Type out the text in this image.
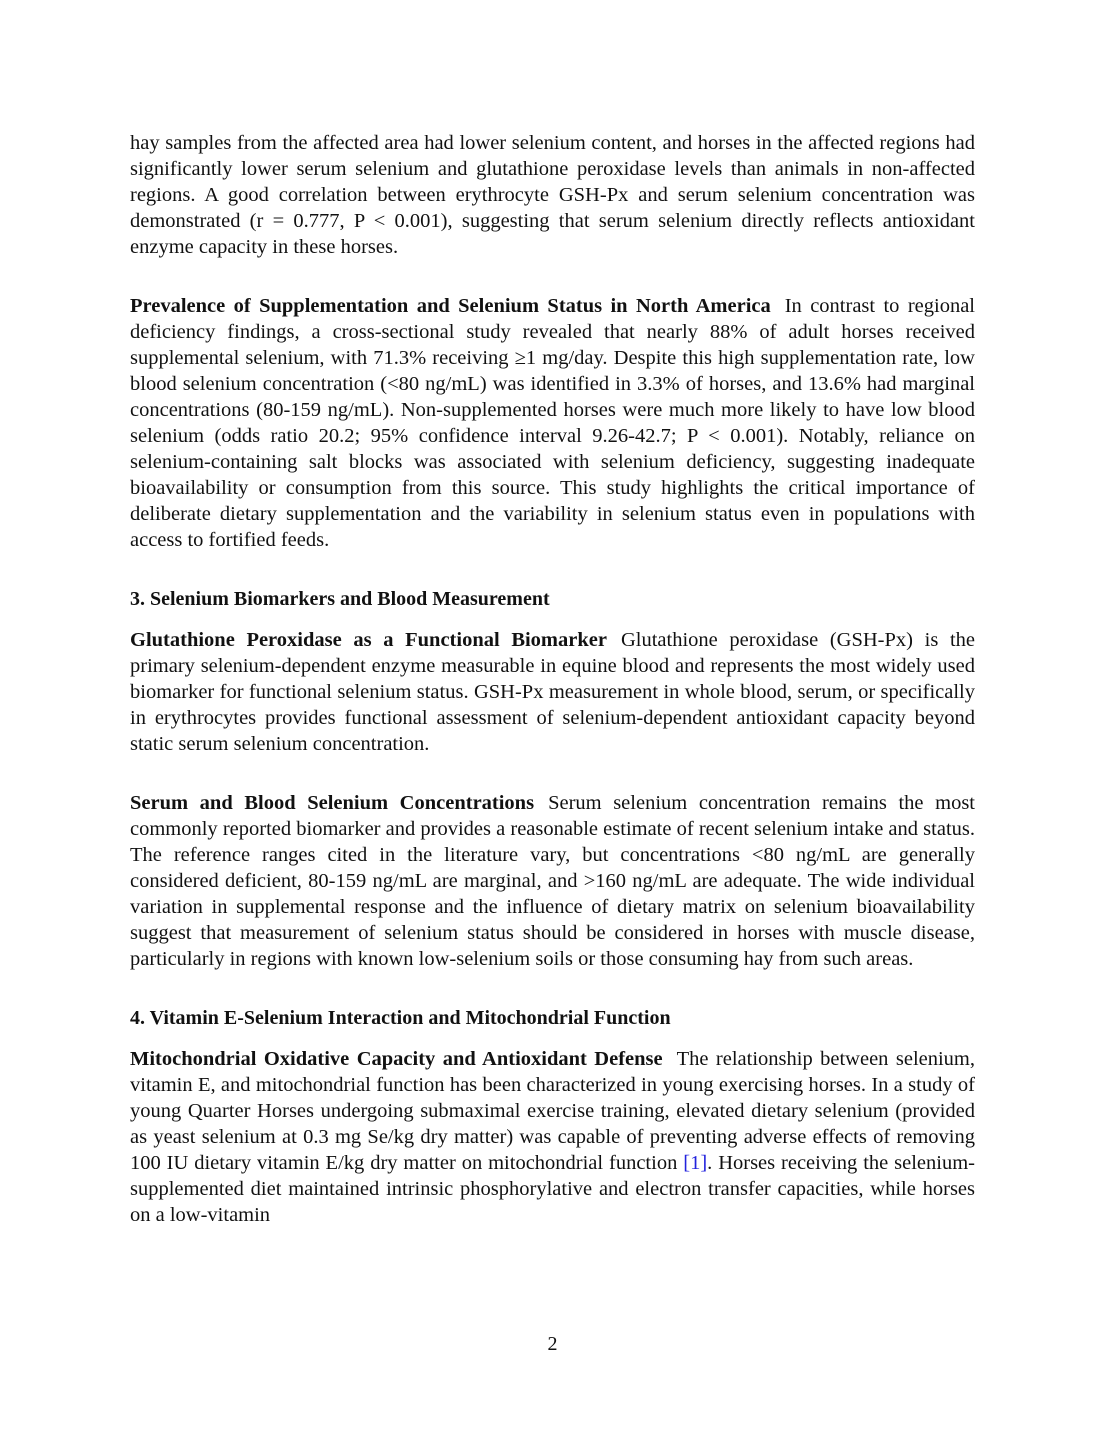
hay samples from the affected area had lower selenium content, and horses in the affected regions had significantly lower serum selenium and glutathione peroxidase levels than animals in non-affected regions. A good correlation between erythrocyte GSH-Px and serum selenium concentration was demonstrated (r = 0.777, P < 0.001), suggesting that serum selenium directly reflects antioxidant enzyme capacity in these horses.

Prevalence of Supplementation and Selenium Status in North America In contrast to regional deficiency findings, a cross-sectional study revealed that nearly 88% of adult horses received supplemental selenium, with 71.3% receiving ≥1 mg/day. Despite this high supplementation rate, low blood selenium concentration (<80 ng/mL) was identified in 3.3% of horses, and 13.6% had marginal concentrations (80-159 ng/mL). Non-supplemented horses were much more likely to have low blood selenium (odds ratio 20.2; 95% confidence interval 9.26-42.7; P < 0.001). Notably, reliance on selenium-containing salt blocks was associated with selenium deficiency, suggesting inadequate bioavailability or consumption from this source. This study highlights the critical importance of deliberate dietary supplementation and the variability in selenium status even in populations with access to fortified feeds.

3. Selenium Biomarkers and Blood Measurement

Glutathione Peroxidase as a Functional Biomarker Glutathione peroxidase (GSH-Px) is the primary selenium-dependent enzyme measurable in equine blood and represents the most widely used biomarker for functional selenium status. GSH-Px measurement in whole blood, serum, or specifically in erythrocytes provides functional assessment of selenium-dependent antioxidant capacity beyond static serum selenium concentration.

Serum and Blood Selenium Concentrations Serum selenium concentration remains the most commonly reported biomarker and provides a reasonable estimate of recent selenium intake and status. The reference ranges cited in the literature vary, but concentrations <80 ng/mL are generally considered deficient, 80-159 ng/mL are marginal, and >160 ng/mL are adequate. The wide individual variation in supplemental response and the influence of dietary matrix on selenium bioavailability suggest that measurement of selenium status should be considered in horses with muscle disease, particularly in regions with known low-selenium soils or those consuming hay from such areas.

4. Vitamin E-Selenium Interaction and Mitochondrial Function

Mitochondrial Oxidative Capacity and Antioxidant Defense The relationship between selenium, vitamin E, and mitochondrial function has been characterized in young exercising horses. In a study of young Quarter Horses undergoing submaximal exercise training, elevated dietary selenium (provided as yeast selenium at 0.3 mg Se/kg dry matter) was capable of preventing adverse effects of removing 100 IU dietary vitamin E/kg dry matter on mitochondrial function [1]. Horses receiving the selenium-supplemented diet maintained intrinsic phosphorylative and electron transfer capacities, while horses on a low-vitamin

2
